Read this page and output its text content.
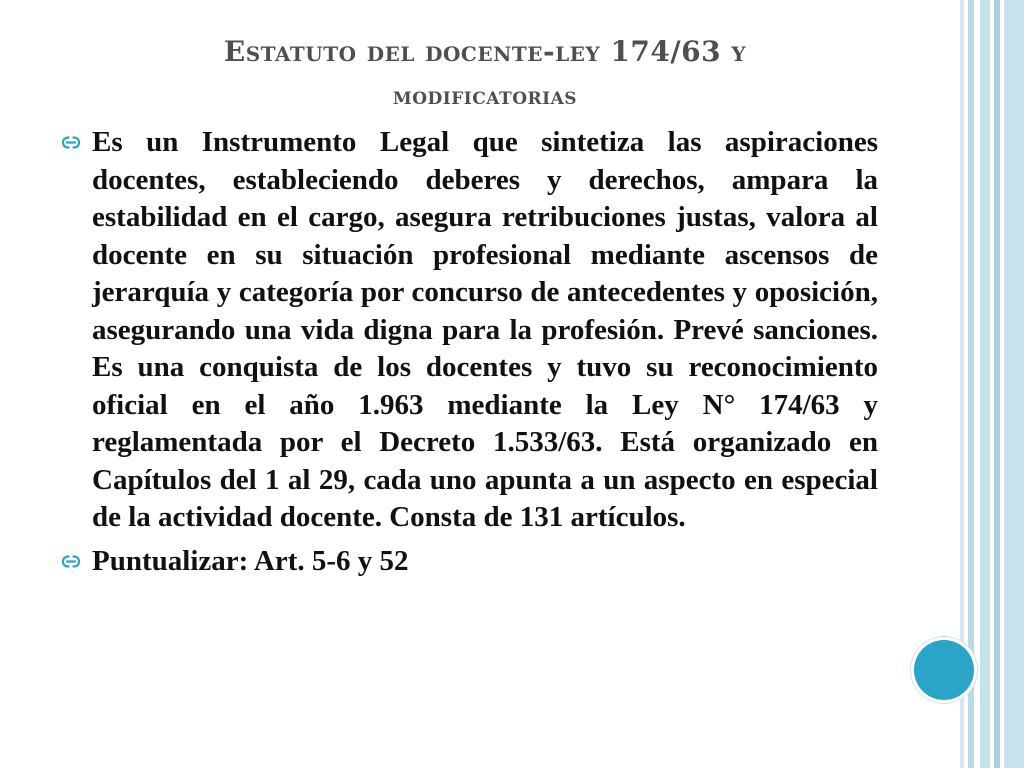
Estatuto del docente-ley 174/63 y
modificatorias
Es un Instrumento Legal que sintetiza las aspiraciones docentes, estableciendo deberes y derechos, ampara la estabilidad en el cargo, asegura retribuciones justas, valora al docente en su situación profesional mediante ascensos de jerarquía y categoría por concurso de antecedentes y oposición, asegurando una vida digna para la profesión. Prevé sanciones. Es una conquista de los docentes y tuvo su reconocimiento oficial en el año 1.963 mediante la Ley N° 174/63 y reglamentada por el Decreto 1.533/63. Está organizado en Capítulos del 1 al 29, cada uno apunta a un aspecto en especial de la actividad docente. Consta de 131 artículos.
Puntualizar: Art. 5-6 y 52
